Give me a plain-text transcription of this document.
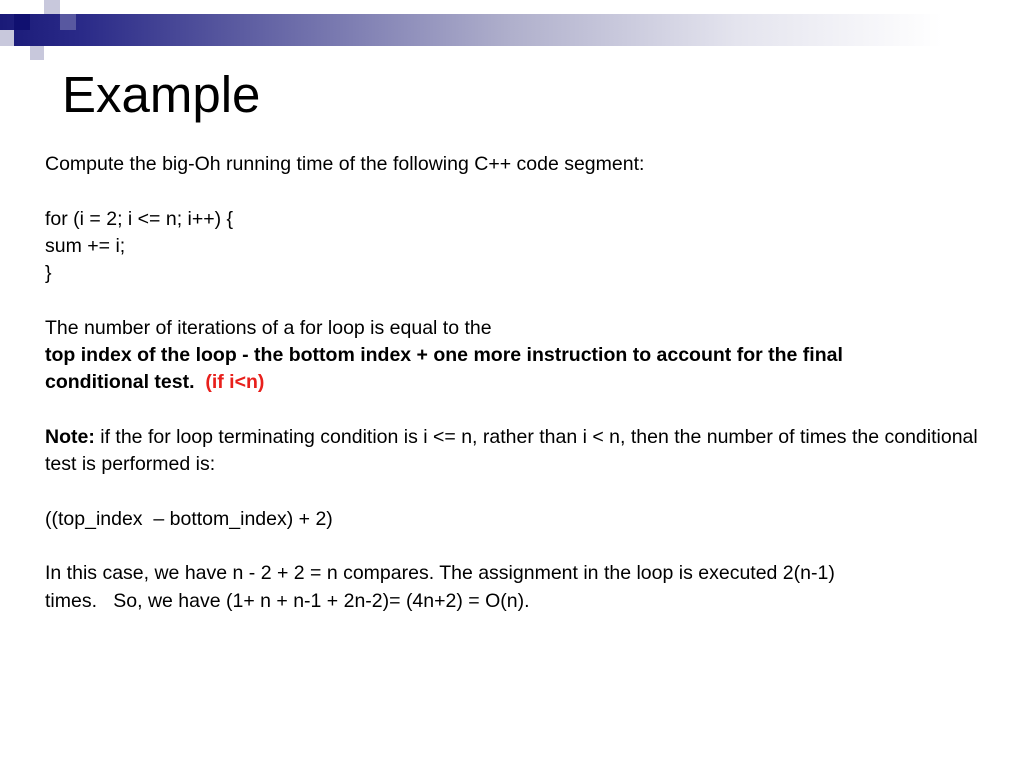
Example

Compute the big-Oh running time of the following C++ code segment:

for (i = 2; i <= n; i++) {

sum += i;

}

The number of iterations of a for loop is equal to the

top index of the loop - the bottom index + one more instruction to account for the final

conditional test. (if i<n)

Note: if the for loop terminating condition is i <= n, rather than i < n, then the number of times the conditional test is performed is:

((top_index  – bottom_index) + 2)

In this case, we have n - 2 + 2 = n compares. The assignment in the loop is executed 2(n-1)

times.   So, we have (1+ n + n-1 + 2n-2)= (4n+2) = O(n).
